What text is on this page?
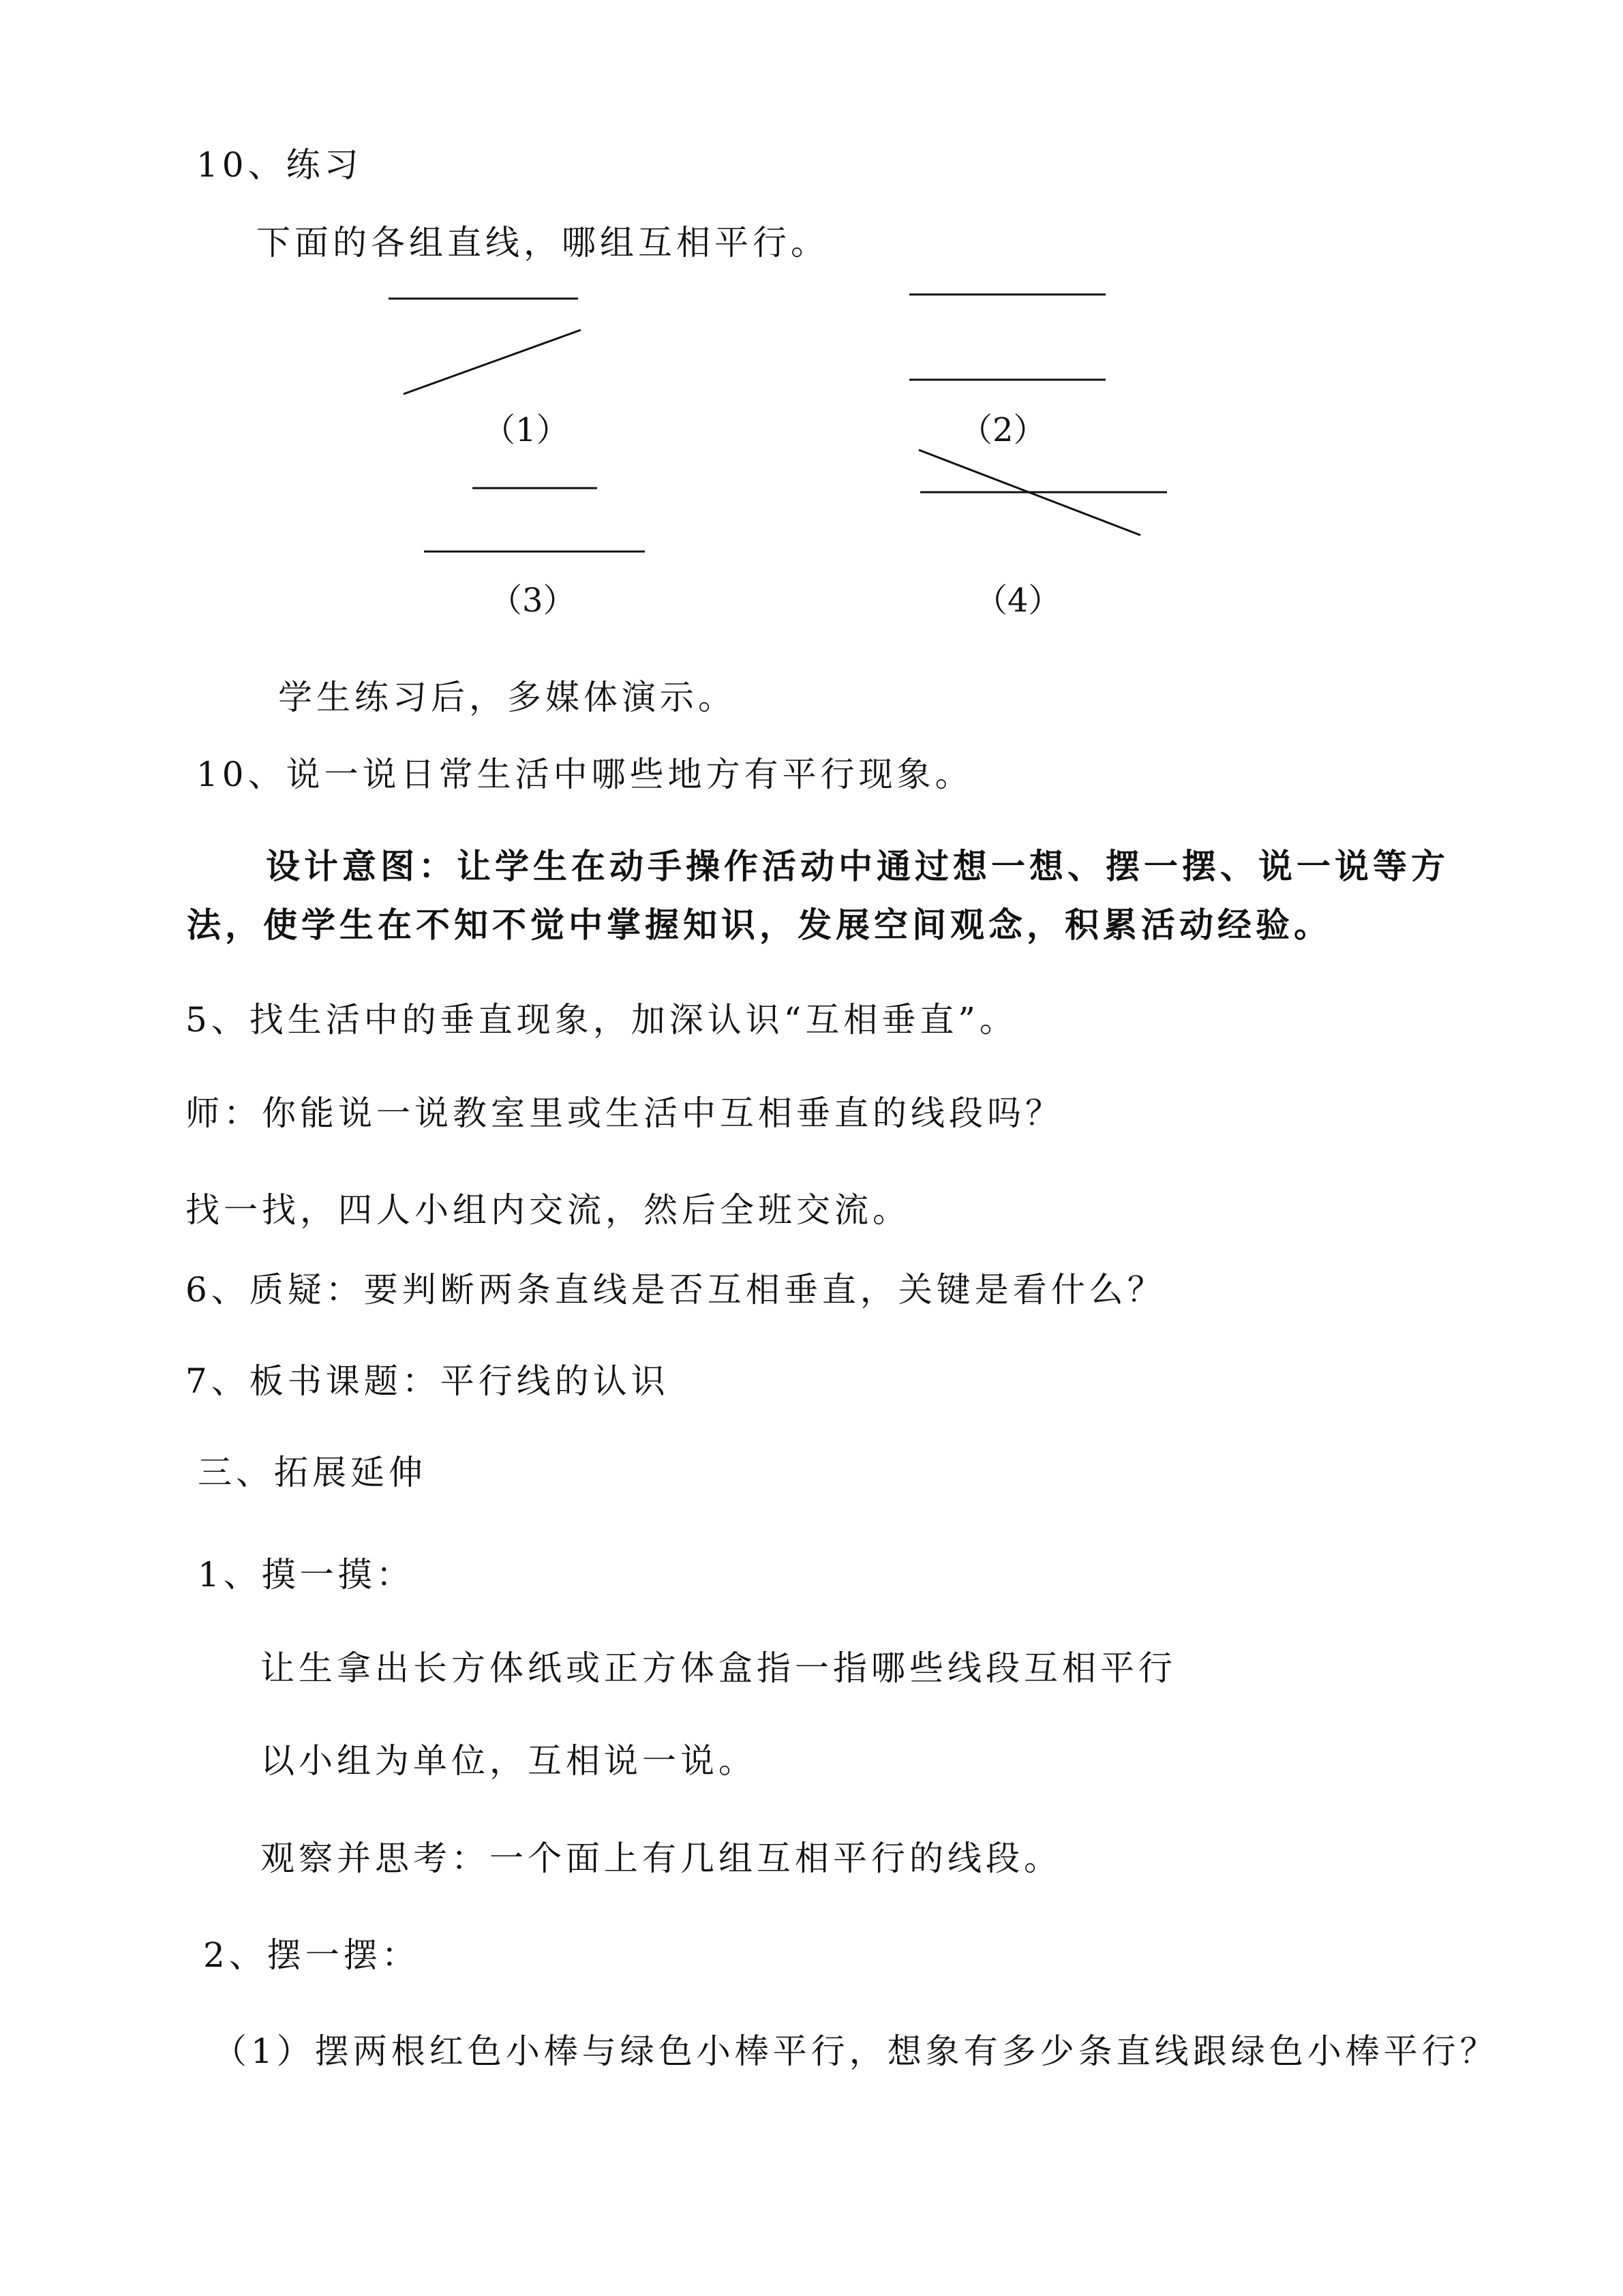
10、练习
下面的各组直线，哪组互相平行。
（1）	（2）
（3）	（4）
学生练习后，多媒体演示。
10、说一说日常生活中哪些地方有平行现象。
设计意图：让学生在动手操作活动中通过想一想、摆一摆、说一说等方
法，使学生在不知不觉中掌握知识，发展空间观念，积累活动经验。
5、找生活中的垂直现象，加深认识“互相垂直”。
师：你能说一说教室里或生活中互相垂直的线段吗？
找一找，四人小组内交流，然后全班交流。
6、质疑：要判断两条直线是否互相垂直，关键是看什么？
7、板书课题：平行线的认识
三、拓展延伸
1、摸一摸：
让生拿出长方体纸或正方体盒指一指哪些线段互相平行
以小组为单位，互相说一说。
观察并思考：一个面上有几组互相平行的线段。
2、摆一摆：
（1）摆两根红色小棒与绿色小棒平行，想象有多少条直线跟绿色小棒平行？
